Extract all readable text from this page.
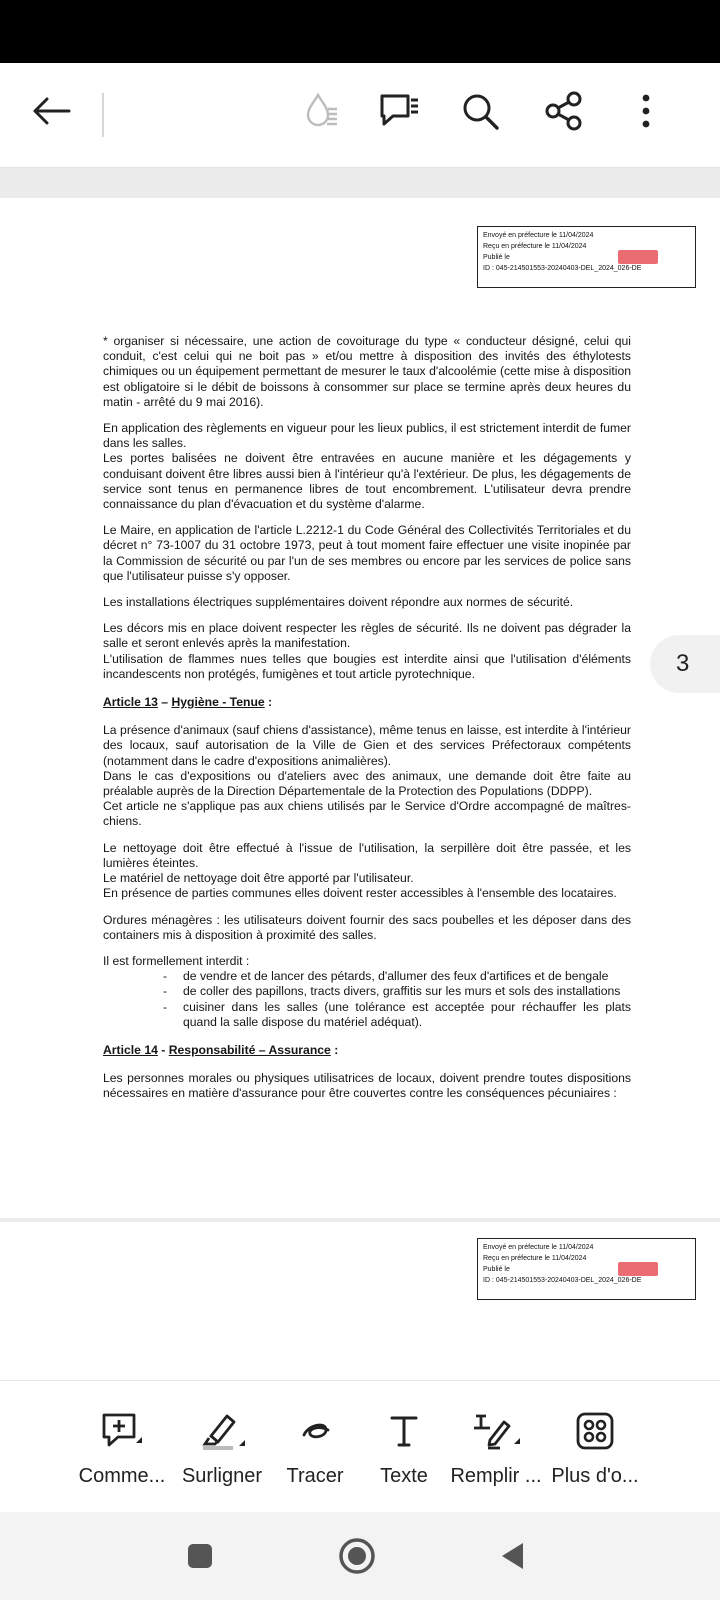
Envoyé en préfecture le 11/04/2024
Reçu en préfecture le 11/04/2024
Publié le
ID : 045-214501553-20240403-DEL_2024_026-DE

* organiser si nécessaire, une action de covoiturage du type « conducteur désigné, celui qui conduit, c'est celui qui ne boit pas » et/ou mettre à disposition des invités des éthylotests chimiques ou un équipement permettant de mesurer le taux d'alcoolémie (cette mise à disposition est obligatoire si le débit de boissons à consommer sur place se termine après deux heures du matin - arrêté du 9 mai 2016).

En application des règlements en vigueur pour les lieux publics, il est strictement interdit de fumer dans les salles.

Les portes balisées ne doivent être entravées en aucune manière et les dégagements y conduisant doivent être libres aussi bien à l'intérieur qu'à l'extérieur. De plus, les dégagements de service sont tenus en permanence libres de tout encombrement. L'utilisateur devra prendre connaissance du plan d'évacuation et du système d'alarme.

Le Maire, en application de l'article L.2212-1 du Code Général des Collectivités Territoriales et du décret n° 73-1007 du 31 octobre 1973, peut à tout moment faire effectuer une visite inopinée par la Commission de sécurité ou par l'un de ses membres ou encore par les services de police sans que l'utilisateur puisse s'y opposer.

Les installations électriques supplémentaires doivent répondre aux normes de sécurité.

Les décors mis en place doivent respecter les règles de sécurité. Ils ne doivent pas dégrader la salle et seront enlevés après la manifestation.

L'utilisation de flammes nues telles que bougies est interdite ainsi que l'utilisation d'éléments incandescents non protégés, fumigènes et tout article pyrotechnique.

Article 13 – Hygiène - Tenue :

La présence d'animaux (sauf chiens d'assistance), même tenus en laisse, est interdite à l'intérieur des locaux, sauf autorisation de la Ville de Gien et des services Préfectoraux compétents (notamment dans le cadre d'expositions animalières).

Dans le cas d'expositions ou d'ateliers avec des animaux, une demande doit être faite au préalable auprès de la Direction Départementale de la Protection des Populations (DDPP).

Cet article ne s'applique pas aux chiens utilisés par le Service d'Ordre accompagné de maîtres-chiens.

Le nettoyage doit être effectué à l'issue de l'utilisation, la serpillère doit être passée, et les lumières éteintes.

Le matériel de nettoyage doit être apporté par l'utilisateur.

En présence de parties communes elles doivent rester accessibles à l'ensemble des locataires.

Ordures ménagères : les utilisateurs doivent fournir des sacs poubelles et les déposer dans des containers mis à disposition à proximité des salles.

Il est formellement interdit :

- de vendre et de lancer des pétards, d'allumer des feux d'artifices et de bengale
- de coller des papillons, tracts divers, graffitis sur les murs et sols des installations
- cuisiner dans les salles (une tolérance est acceptée pour réchauffer les plats quand la salle dispose du matériel adéquat).
Article 14 - Responsabilité – Assurance :

Les personnes morales ou physiques utilisatrices de locaux, doivent prendre toutes dispositions nécessaires en matière d'assurance pour être couvertes contre les conséquences pécuniaires :

Envoyé en préfecture le 11/04/2024
Reçu en préfecture le 11/04/2024
Publié le
ID : 045-214501553-20240403-DEL_2024_026-DE
3
Comme... Surligner	Tracer	Texte	Remplir ... Plus d'o...
